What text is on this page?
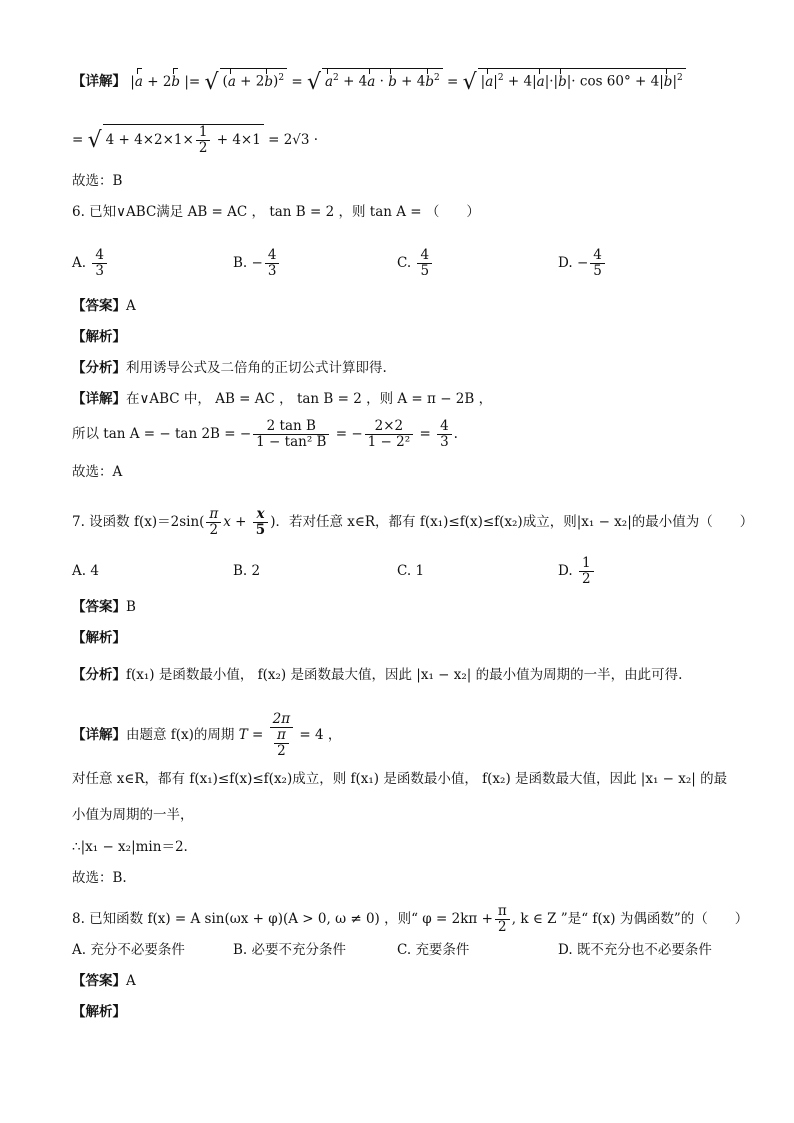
【详解】 |a + 2b |= √ $(a + 2b)^2$ = √ $a^2 + 4a \cdot b + 4b^2$ = √ $|a|^2 + 4|a|\cdot|b|\cdot \cos 60^\circ + 4|b|^2$
= √ $4 + 4\times 2\times 1\times \frac{1}{2} + 4\times 1 = 2√3$ ·
故选：B
6. 已知∨ABC满足 AB = AC ， tan B = 2 ，则 tan A = （　　）
A. $\frac{4}{3}$	B. − $\frac{4}{3}$	C. $\frac{4}{5}$	D. − $\frac{4}{5}$
【答案】A
【解析】
【分析】利用诱导公式及二倍角的正切公式计算即得.
【详解】在∨ABC 中， AB = AC ， tan B = 2 ，则 A = π − 2B ，
所以 tan A = − tan 2B = − $\frac{\text{2 tan B}}{\text{1 − tan² B}}$ = − $\frac{2\times 2}{\text{1 − 2²}} = \frac{4}{3}$ .
故选：A
7. 设函数 $f(x)=2\sin( \frac{\pi}{2}$ $x + \frac{x}{5}$ )．若对任意 x∈R，都有 f(x₁)≤f(x)≤f(x₂)成立，则|x₁ − x₂|的最小值为（　　）
A. 4	B. 2	C. 1	D. $\frac{1}{2}$
【答案】B
【解析】
【分析】f(x₁) 是函数最小值， f(x₂) 是函数最大值，因此 |x₁ − x₂| 的最小值为周期的一半，由此可得.
【详解】由题意 f(x)的周期 $T = \frac{2\pi}{\frac{\pi}{2}} = 4$ ，
对任意 x∈R，都有 f(x₁)≤f(x)≤f(x₂)成立，则 f(x₁) 是函数最小值， f(x₂) 是函数最大值，因此 |x₁ − x₂| 的最
小值为周期的一半，
∴|x₁ − x₂|min＝2.
故选：B.
8. 已知函数 f(x) = A sin(ωx + φ)(A > 0, ω ≠ 0) ，则“ $\varphi = 2k\pi + \frac{\pi}{2}$ , k ∈ Z ”是“ f(x) 为偶函数”的（　　）
A. 充分不必要条件	B. 必要不充分条件	C. 充要条件	D. 既不充分也不必要条件
【答案】A
【解析】
